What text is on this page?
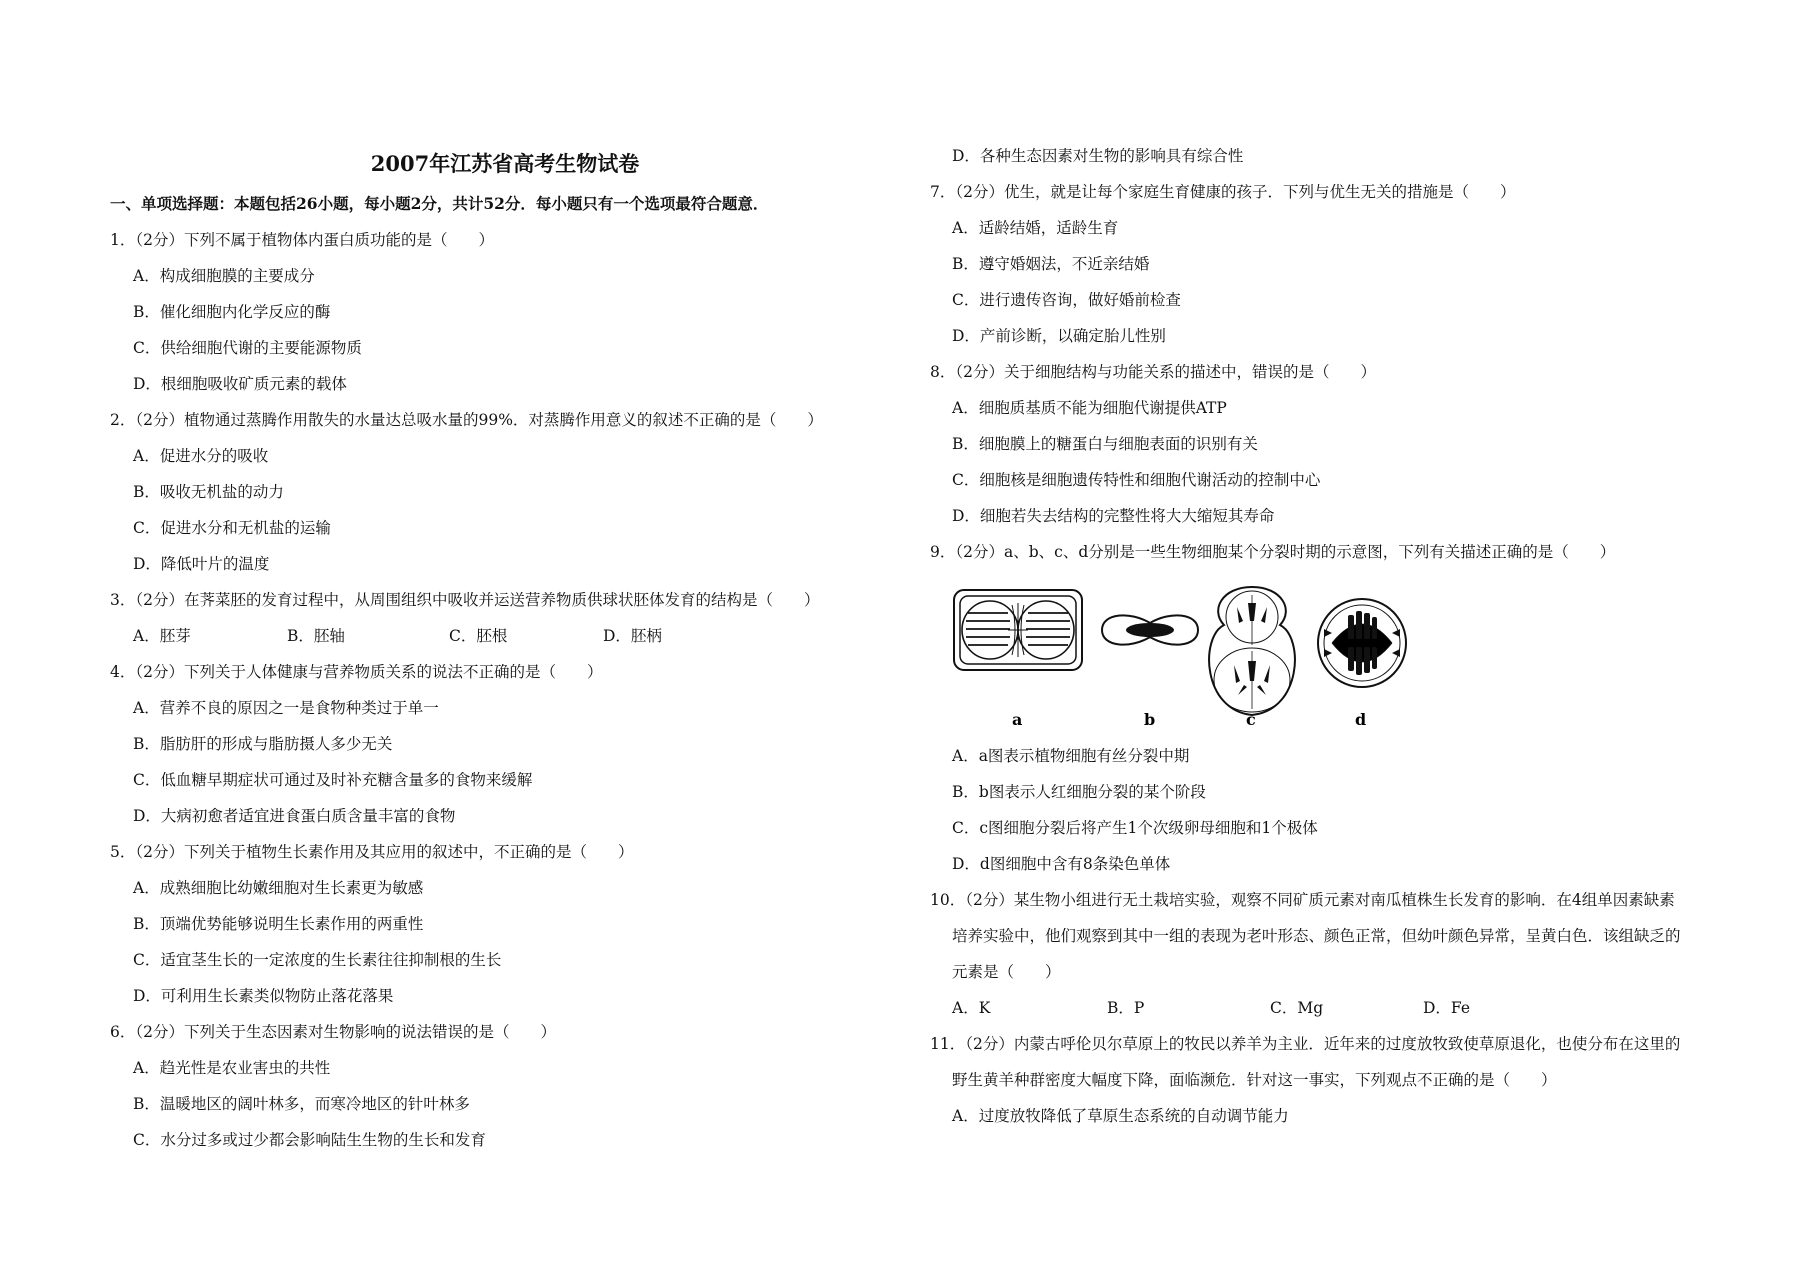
2007年江苏省高考生物试卷
一、单项选择题：本题包括26小题，每小题2分，共计52分．每小题只有一个选项最符合题意．
1．（2分）下列不属于植物体内蛋白质功能的是（　　）
A．构成细胞膜的主要成分
B．催化细胞内化学反应的酶
C．供给细胞代谢的主要能源物质
D．根细胞吸收矿质元素的载体
2．（2分）植物通过蒸腾作用散失的水量达总吸水量的99%．对蒸腾作用意义的叙述不正确的是（　　）
A．促进水分的吸收
B．吸收无机盐的动力
C．促进水分和无机盐的运输
D．降低叶片的温度
3．（2分）在荠菜胚的发育过程中，从周围组织中吸收并运送营养物质供球状胚体发育的结构是（　　）
A．胚芽	B．胚轴	C．胚根	D．胚柄
4．（2分）下列关于人体健康与营养物质关系的说法不正确的是（　　）
A．营养不良的原因之一是食物种类过于单一
B．脂肪肝的形成与脂肪摄人多少无关
C．低血糖早期症状可通过及时补充糖含量多的食物来缓解
D．大病初愈者适宜进食蛋白质含量丰富的食物
5．（2分）下列关于植物生长素作用及其应用的叙述中，不正确的是（　　）
A．成熟细胞比幼嫩细胞对生长素更为敏感
B．顶端优势能够说明生长素作用的两重性
C．适宜茎生长的一定浓度的生长素往往抑制根的生长
D．可利用生长素类似物防止落花落果
6．（2分）下列关于生态因素对生物影响的说法错误的是（　　）
A．趋光性是农业害虫的共性
B．温暖地区的阔叶林多，而寒冷地区的针叶林多
C．水分过多或过少都会影响陆生生物的生长和发育
D．各种生态因素对生物的影响具有综合性
7．（2分）优生，就是让每个家庭生育健康的孩子．下列与优生无关的措施是（　　）
A．适龄结婚，适龄生育
B．遵守婚姻法，不近亲结婚
C．进行遗传咨询，做好婚前检查
D．产前诊断，以确定胎儿性别
8．（2分）关于细胞结构与功能关系的描述中，错误的是（　　）
A．细胞质基质不能为细胞代谢提供ATP
B．细胞膜上的糖蛋白与细胞表面的识别有关
C．细胞核是细胞遗传特性和细胞代谢活动的控制中心
D．细胞若失去结构的完整性将大大缩短其寿命
9．（2分）a、b、c、d分别是一些生物细胞某个分裂时期的示意图，下列有关描述正确的是（　　）
a	b	c	d
A．a图表示植物细胞有丝分裂中期
B．b图表示人红细胞分裂的某个阶段
C．c图细胞分裂后将产生1个次级卵母细胞和1个极体
D．d图细胞中含有8条染色单体
10．（2分）某生物小组进行无土栽培实验，观察不同矿质元素对南瓜植株生长发育的影响．在4组单因素缺素
培养实验中，他们观察到其中一组的表现为老叶形态、颜色正常，但幼叶颜色异常，呈黄白色．该组缺乏的
元素是（　　）
A．K	B．P	C．Mg	D．Fe
11．（2分）内蒙古呼伦贝尔草原上的牧民以养羊为主业．近年来的过度放牧致使草原退化，也使分布在这里的
野生黄羊种群密度大幅度下降，面临濒危．针对这一事实，下列观点不正确的是（　　）
A．过度放牧降低了草原生态系统的自动调节能力
